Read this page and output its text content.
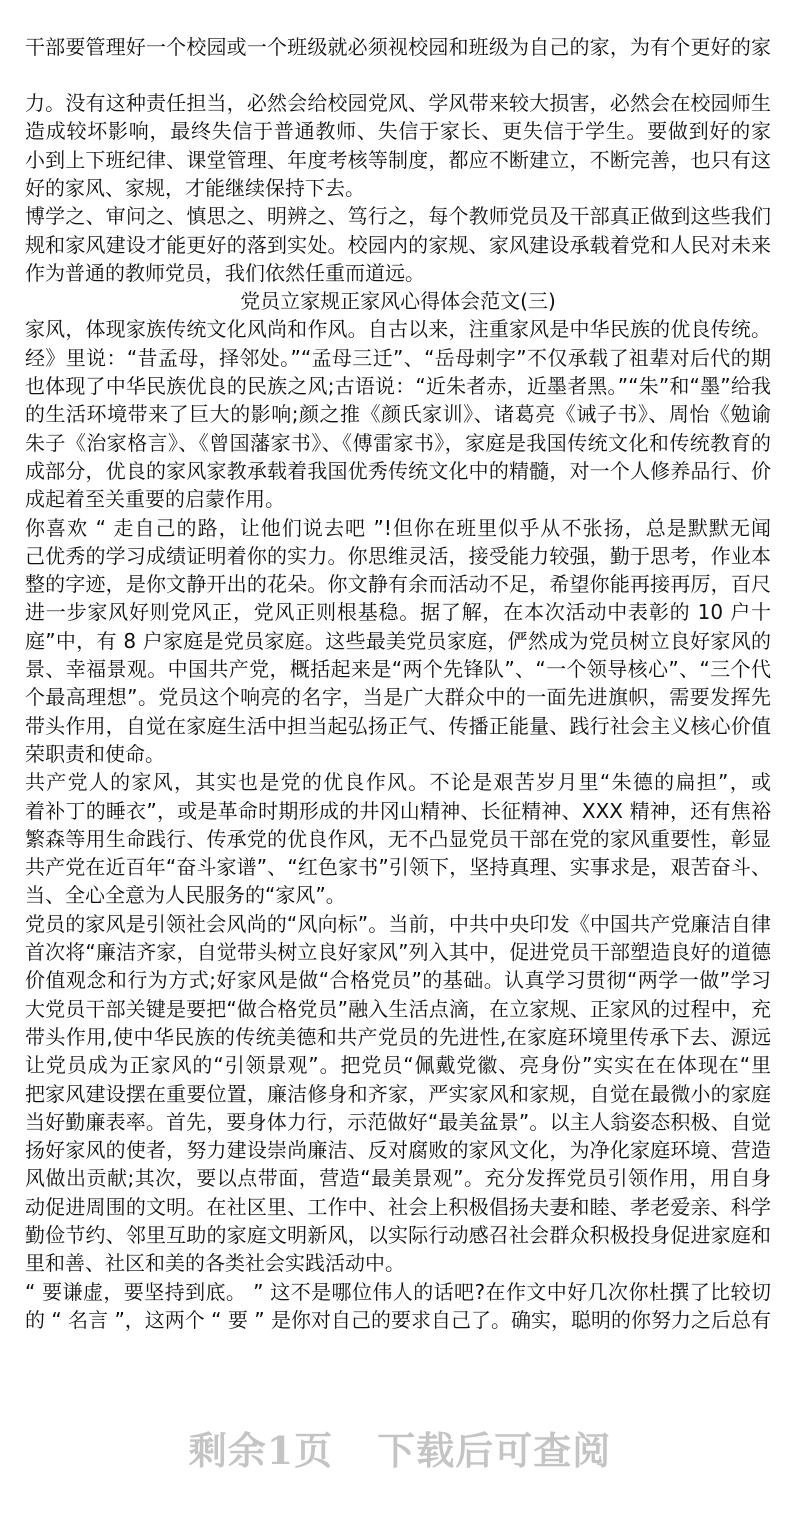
干部要管理好一个校园或一个班级就必须视校园和班级为自己的家，为有个更好的家
力。没有这种责任担当，必然会给校园党风、学风带来较大损害，必然会在校园师生
造成较坏影响，最终失信于普通教师、失信于家长、更失信于学生。要做到好的家
小到上下班纪律、课堂管理、年度考核等制度，都应不断建立，不断完善，也只有这
好的家风、家规，才能继续保持下去。
博学之、审问之、慎思之、明辨之、笃行之，每个教师党员及干部真正做到这些我们
规和家风建设才能更好的落到实处。校园内的家规、家风建设承载着党和人民对未来
作为普通的教师党员，我们依然任重而道远。
党员立家规正家风心得体会范文(三)
家风，体现家族传统文化风尚和作风。自古以来，注重家风是中华民族的优良传统。
经》里说：“昔孟母，择邻处。”“孟母三迁”、“岳母刺字”不仅承载了祖辈对后代的期
也体现了中华民族优良的民族之风;古语说：“近朱者赤，近墨者黑。”“朱”和“墨”给我
的生活环境带来了巨大的影响;颜之推《颜氏家训》、诸葛亮《诫子书》、周怡《勉谕
朱子《治家格言》、《曾国藩家书》、《傅雷家书》，家庭是我国传统文化和传统教育的
成部分，优良的家风家教承载着我国优秀传统文化中的精髓，对一个人修养品行、价
成起着至关重要的启蒙作用。
你喜欢 “ 走自己的路，让他们说去吧 ”!但你在班里似乎从不张扬，总是默默无闻
己优秀的学习成绩证明着你的实力。你思维灵活，接受能力较强，勤于思考，作业本
整的字迹，是你文静开出的花朵。你文静有余而活动不足，希望你能再接再厉，百尺
进一步家风好则党风正，党风正则根基稳。据了解，在本次活动中表彰的 10 户十
庭”中，有 8 户家庭是党员家庭。这些最美党员家庭，俨然成为党员树立良好家风的
景、幸福景观。中国共产党，概括起来是“两个先锋队”、“一个领导核心”、“三个代
个最高理想”。党员这个响亮的名字，当是广大群众中的一面先进旗帜，需要发挥先
带头作用，自觉在家庭生活中担当起弘扬正气、传播正能量、践行社会主义核心价值
荣职责和使命。
共产党人的家风，其实也是党的优良作风。不论是艰苦岁月里“朱德的扁担”，或
着补丁的睡衣”，或是革命时期形成的井冈山精神、长征精神、XXX 精神，还有焦裕
繁森等用生命践行、传承党的优良作风，无不凸显党员干部在党的家风重要性，彰显
共产党在近百年“奋斗家谱”、“红色家书”引领下，坚持真理、实事求是，艰苦奋斗、
当、全心全意为人民服务的“家风”。
党员的家风是引领社会风尚的“风向标”。当前，中共中央印发《中国共产党廉洁自律
首次将“廉洁齐家，自觉带头树立良好家风”列入其中，促进党员干部塑造良好的道德
价值观念和行为方式;好家风是做“合格党员”的基础。认真学习贯彻“两学一做”学习
大党员干部关键是要把“做合格党员”融入生活点滴，在立家规、正家风的过程中，充
带头作用,使中华民族的传统美德和共产党员的先进性,在家庭环境里传承下去、源远
让党员成为正家风的“引领景观”。把党员“佩戴党徽、亮身份”实实在在体现在“里
把家风建设摆在重要位置，廉洁修身和齐家，严实家风和家规，自觉在最微小的家庭
当好勤廉表率。首先，要身体力行，示范做好“最美盆景”。以主人翁姿态积极、自觉
扬好家风的使者，努力建设崇尚廉洁、反对腐败的家风文化，为净化家庭环境、营造
风做出贡献;其次，要以点带面，营造“最美景观”。充分发挥党员引领作用，用自身
动促进周围的文明。在社区里、工作中、社会上积极倡扬夫妻和睦、孝老爱亲、科学
勤俭节约、邻里互助的家庭文明新风，以实际行动感召社会群众积极投身促进家庭和
里和善、社区和美的各类社会实践活动中。
“ 要谦虚，要坚持到底。 ” 这不是哪位伟人的话吧?在作文中好几次你杜撰了比较切
的 “ 名言 ”，这两个 “ 要 ” 是你对自己的要求自己了。确实，聪明的你努力之后总有
剩余1页 下载后可查阅
